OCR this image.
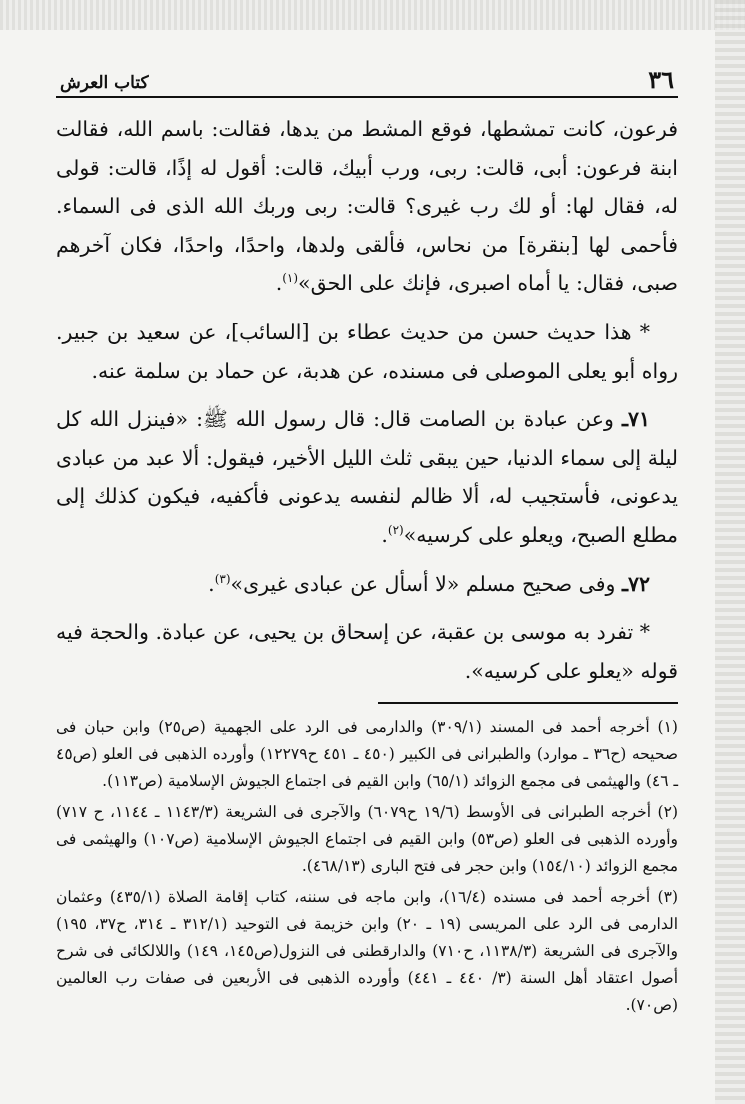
٣٦
كتاب العرش

فرعون، كانت تمشطها، فوقع المشط من يدها، فقالت: باسم الله، فقالت ابنة فرعون: أبى، قالت: ربى، ورب أبيك، قالت: أقول له إذًا، قالت: قولى له، فقال لها: أو لك رب غيرى؟ قالت: ربى وربك الله الذى فى السماء. فأحمى لها [بنقرة] من نحاس، فألقى ولدها، واحدًا، واحدًا، فكان آخرهم صبى، فقال: يا أماه اصبرى، فإنك على الحق»$^{(١)}$.

* هذا حديث حسن من حديث عطاء بن [السائب]، عن سعيد بن جبير. رواه أبو يعلى الموصلى فى مسنده، عن هدبة، عن حماد بن سلمة عنه.

٧١ـ وعن عبادة بن الصامت قال: قال رسول الله ﷺ: «فينزل الله كل ليلة إلى سماء الدنيا، حين يبقى ثلث الليل الأخير، فيقول: ألا عبد من عبادى يدعونى، فأستجيب له، ألا ظالم لنفسه يدعونى فأكفيه، فيكون كذلك إلى مطلع الصبح، ويعلو على كرسيه»$^{(٢)}$.

٧٢ـ وفى صحيح مسلم «لا أسأل عن عبادى غيرى»$^{(٣)}$.

* تفرد به موسى بن عقبة، عن إسحاق بن يحيى، عن عبادة. والحجة فيه قوله «يعلو على كرسيه».

(١) أخرجه أحمد فى المسند (٣٠٩/١) والدارمى فى الرد على الجهمية (ص٢٥) وابن حبان فى صحيحه (ح٣٦ ـ موارد) والطبرانى فى الكبير (٤٥٠ ـ ٤٥١ ح١٢٢٧٩) وأورده الذهبى فى العلو (ص٤٥ ـ ٤٦) والهيثمى فى مجمع الزوائد (٦٥/١) وابن القيم فى اجتماع الجيوش الإسلامية (ص١١٣).

(٢) أخرجه الطبرانى فى الأوسط (١٩/٦ ح٦٠٧٩) والآجرى فى الشريعة (١١٤٣/٣ ـ ١١٤٤، ح ٧١٧) وأورده الذهبى فى العلو (ص٥٣) وابن القيم فى اجتماع الجيوش الإسلامية (ص١٠٧) والهيثمى فى مجمع الزوائد (١٥٤/١٠) وابن حجر فى فتح البارى (٤٦٨/١٣).

(٣) أخرجه أحمد فى مسنده (١٦/٤)، وابن ماجه فى سننه، كتاب إقامة الصلاة (٤٣٥/١) وعثمان الدارمى فى الرد على المريسى (١٩ ـ ٢٠) وابن خزيمة فى التوحيد (٣١٢/١ ـ ٣١٤، ح٣٧، ١٩٥) والآجرى فى الشريعة (١١٣٨/٣، ح٧١٠) والدارقطنى فى النزول(ص١٤٥، ١٤٩) واللالكائى فى شرح أصول اعتقاد أهل السنة (٣/ ٤٤٠ ـ ٤٤١) وأورده الذهبى فى الأربعين فى صفات رب العالمين (ص٧٠).
